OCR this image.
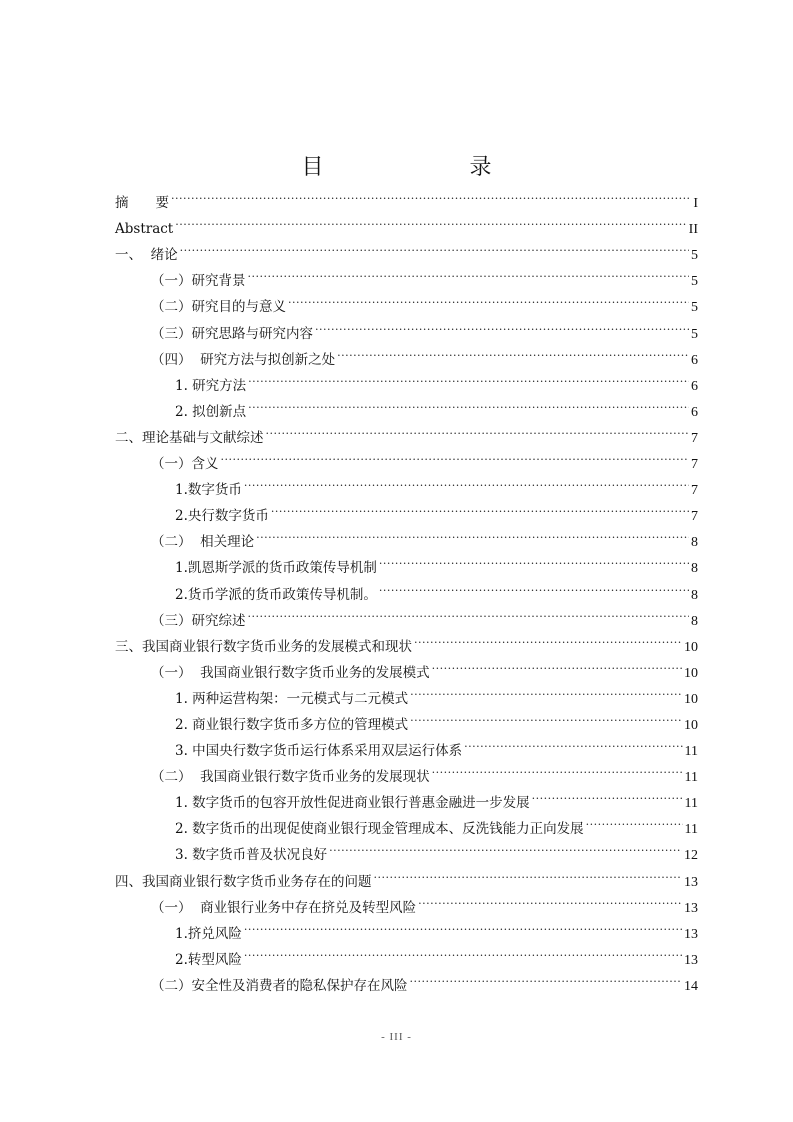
目　　录
摘　　要 .....	I
Abstract .....	II
一、  绪论 .....	5
（一）研究背景 .....	5
（二）研究目的与意义 .....	5
（三）研究思路与研究内容 .....	5
（四）  研究方法与拟创新之处 .....	6
1. 研究方法 .....	6
2. 拟创新点 .....	6
二、理论基础与文献综述 .....	7
（一）含义 .....	7
1.数字货币 .....	7
2.央行数字货币 .....	7
（二）  相关理论 .....	8
1.凯恩斯学派的货币政策传导机制 .....	8
2.货币学派的货币政策传导机制。 .....	8
（三）研究综述 .....	8
三、我国商业银行数字货币业务的发展模式和现状 .....	10
（一）  我国商业银行数字货币业务的发展模式 .....	10
1. 两种运营构架：一元模式与二元模式 .....	10
2. 商业银行数字货币多方位的管理模式 .....	10
3. 中国央行数字货币运行体系采用双层运行体系 .....	11
（二）  我国商业银行数字货币业务的发展现状 .....	11
1. 数字货币的包容开放性促进商业银行普惠金融进一步发展 .....	11
2. 数字货币的出现促使商业银行现金管理成本、反洗钱能力正向发展 .....	11
3. 数字货币普及状况良好 .....	12
四、我国商业银行数字货币业务存在的问题 .....	13
（一）  商业银行业务中存在挤兑及转型风险 .....	13
1.挤兑风险 .....	13
2.转型风险 .....	13
（二）安全性及消费者的隐私保护存在风险 .....	14
- III -
